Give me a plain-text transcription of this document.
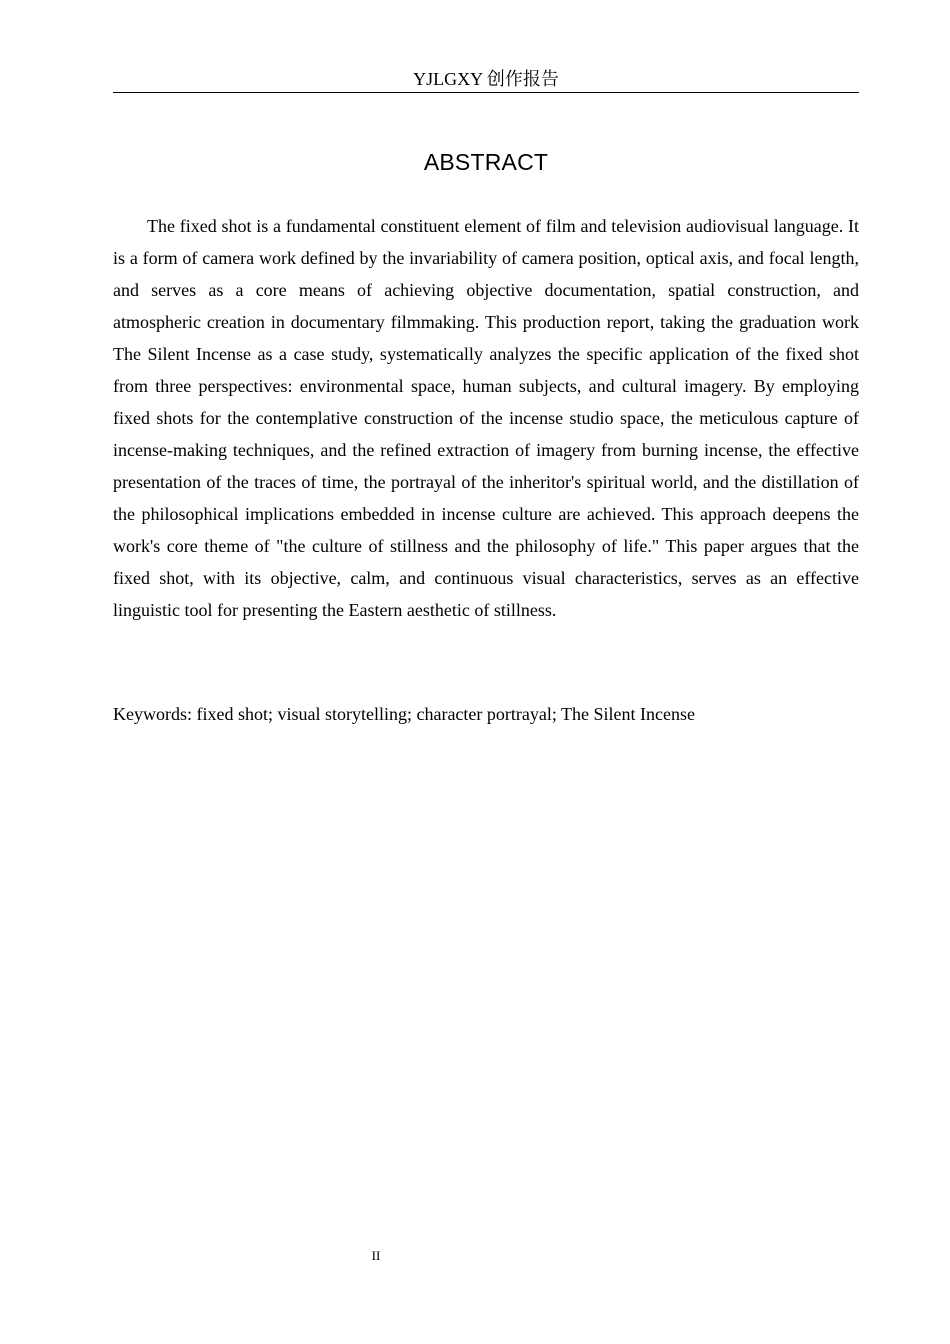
YJLGXY 创作报告
ABSTRACT

The fixed shot is a fundamental constituent element of film and television audiovisual language. It is a form of camera work defined by the invariability of camera position, optical axis, and focal length, and serves as a core means of achieving objective documentation, spatial construction, and atmospheric creation in documentary filmmaking. This production report, taking the graduation work The Silent Incense as a case study, systematically analyzes the specific application of the fixed shot from three perspectives: environmental space, human subjects, and cultural imagery. By employing fixed shots for the contemplative construction of the incense studio space, the meticulous capture of incense-making techniques, and the refined extraction of imagery from burning incense, the effective presentation of the traces of time, the portrayal of the inheritor's spiritual world, and the distillation of the philosophical implications embedded in incense culture are achieved. This approach deepens the work's core theme of "the culture of stillness and the philosophy of life." This paper argues that the fixed shot, with its objective, calm, and continuous visual characteristics, serves as an effective linguistic tool for presenting the Eastern aesthetic of stillness.

Keywords: fixed shot; visual storytelling; character portrayal; The Silent Incense

II
